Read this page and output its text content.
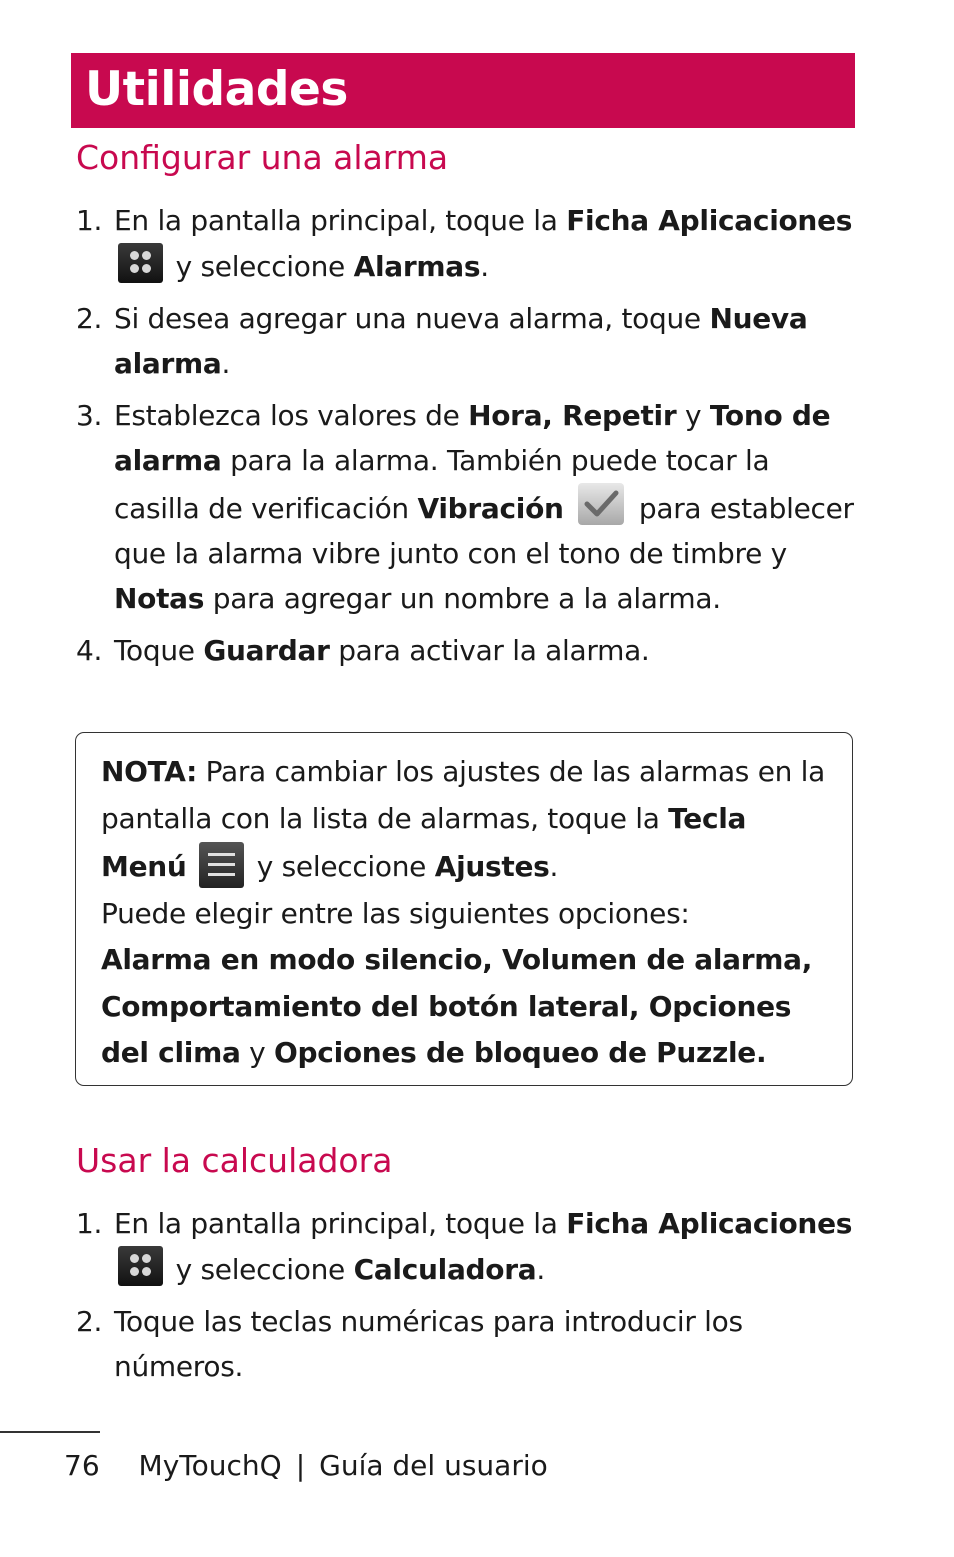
Utilidades
Configurar una alarma
1. En la pantalla principal, toque la Ficha Aplicaciones
y seleccione Alarmas.
2. Si desea agregar una nueva alarma, toque Nueva alarma.
3. Establezca los valores de Hora, Repetir y Tono de alarma para la alarma. También puede tocar la casilla de verificación Vibración	para establecer que la alarma vibre junto con el tono de timbre y Notas para agregar un nombre a la alarma.
4. Toque Guardar para activar la alarma.

NOTA: Para cambiar los ajustes de las alarmas en la pantalla con la lista de alarmas, toque la Tecla Menú	y seleccione Ajustes.
Puede elegir entre las siguientes opciones:
Alarma en modo silencio, Volumen de alarma, Comportamiento del botón lateral, Opciones del clima y Opciones de bloqueo de Puzzle.

Usar la calculadora
1. En la pantalla principal, toque la Ficha Aplicaciones
y seleccione Calculadora.
2. Toque las teclas numéricas para introducir los números.
76 MyTouchQ | Guía del usuario
